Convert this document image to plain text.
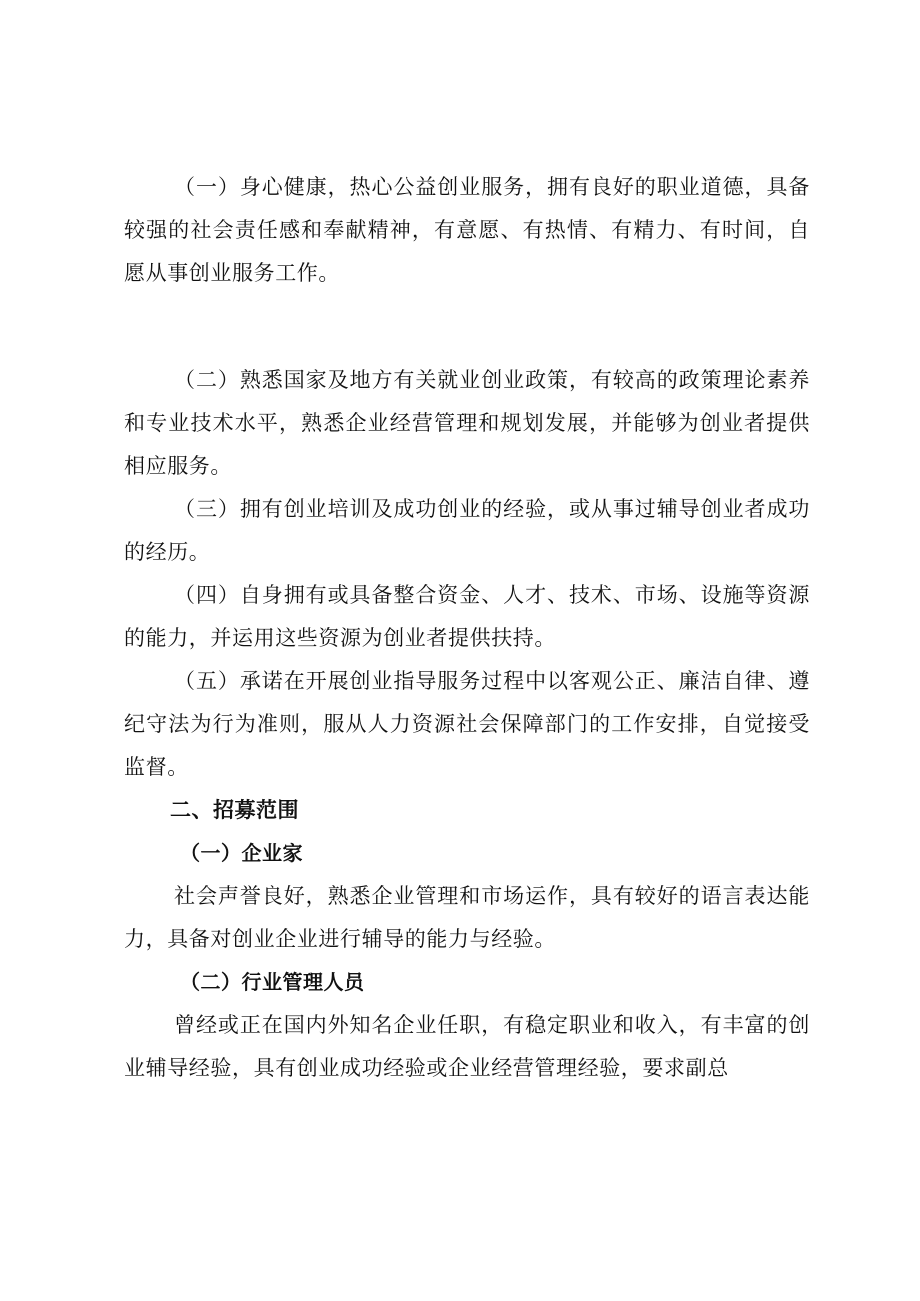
（一）身心健康，热心公益创业服务，拥有良好的职业道德，具备较强的社会责任感和奉献精神，有意愿、有热情、有精力、有时间，自愿从事创业服务工作。

（二）熟悉国家及地方有关就业创业政策，有较高的政策理论素养和专业技术水平，熟悉企业经营管理和规划发展，并能够为创业者提供相应服务。

（三）拥有创业培训及成功创业的经验，或从事过辅导创业者成功的经历。

（四）自身拥有或具备整合资金、人才、技术、市场、设施等资源的能力，并运用这些资源为创业者提供扶持。

（五）承诺在开展创业指导服务过程中以客观公正、廉洁自律、遵纪守法为行为准则，服从人力资源社会保障部门的工作安排，自觉接受监督。

二、招募范围
（一）企业家

社会声誉良好，熟悉企业管理和市场运作，具有较好的语言表达能力，具备对创业企业进行辅导的能力与经验。

（二）行业管理人员

曾经或正在国内外知名企业任职，有稳定职业和收入，有丰富的创业辅导经验，具有创业成功经验或企业经营管理经验，要求副总
